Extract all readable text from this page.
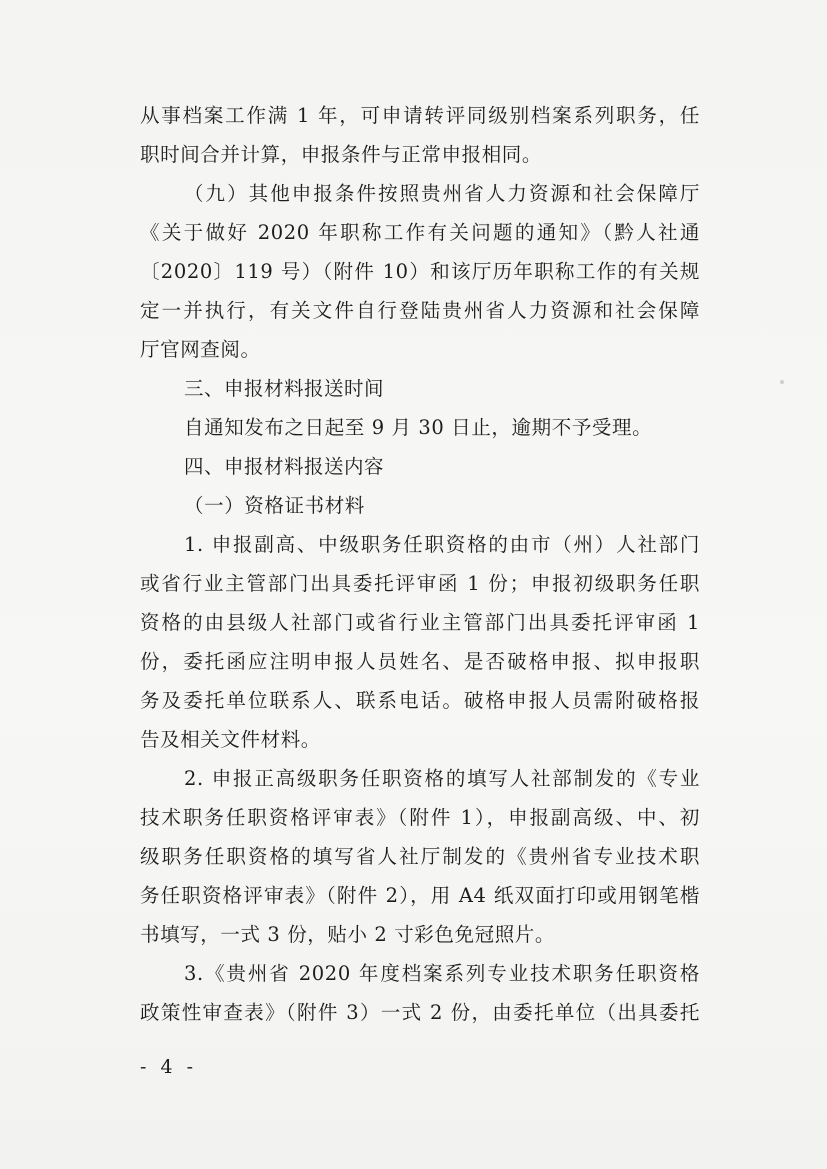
从事档案工作满 1 年，可申请转评同级别档案系列职务，任
职时间合并计算，申报条件与正常申报相同。
（九）其他申报条件按照贵州省人力资源和社会保障厅
《关于做好 2020 年职称工作有关问题的通知》（黔人社通
〔2020〕119 号）（附件 10）和该厅历年职称工作的有关规
定一并执行，有关文件自行登陆贵州省人力资源和社会保障
厅官网查阅。
三、申报材料报送时间
自通知发布之日起至 9 月 30 日止，逾期不予受理。
四、申报材料报送内容
（一）资格证书材料
1. 申报副高、中级职务任职资格的由市（州）人社部门
或省行业主管部门出具委托评审函 1 份；申报初级职务任职
资格的由县级人社部门或省行业主管部门出具委托评审函 1
份，委托函应注明申报人员姓名、是否破格申报、拟申报职
务及委托单位联系人、联系电话。破格申报人员需附破格报
告及相关文件材料。
2. 申报正高级职务任职资格的填写人社部制发的《专业
技术职务任职资格评审表》（附件 1），申报副高级、中、初
级职务任职资格的填写省人社厅制发的《贵州省专业技术职
务任职资格评审表》（附件 2），用 A4 纸双面打印或用钢笔楷
书填写，一式 3 份，贴小 2 寸彩色免冠照片。
3.《贵州省 2020 年度档案系列专业技术职务任职资格
政策性审查表》（附件 3）一式 2 份，由委托单位（出具委托
- 4 -
